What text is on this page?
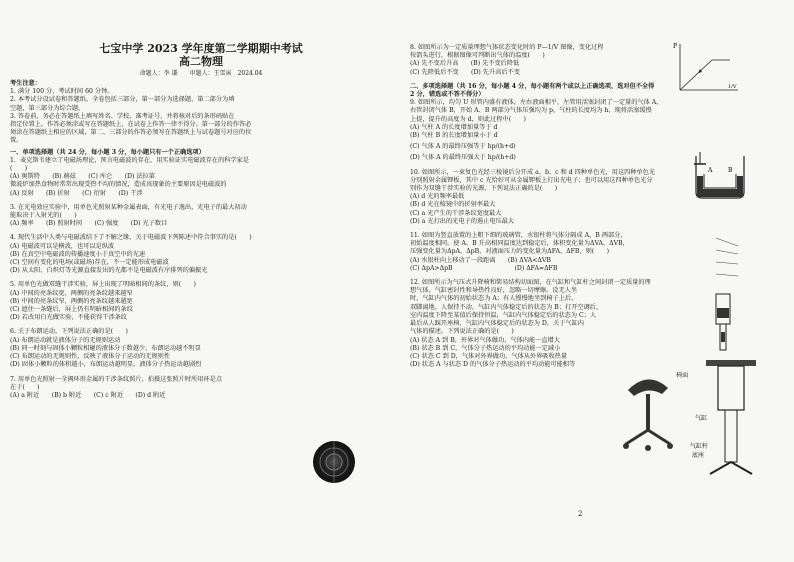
七宝中学 2023 学年度第二学期期中考试
高二物理
命题人：李 谦　　审题人：王雪寅　 2024.04
考生注意：
1. 满分 100 分，考试时间 60 分钟。
2. 本考试分设试卷和答题纸。全卷包括三部分，第一部分为选择题，第二部分为填
空题，第三部分为综合题。
3. 答卷前，务必在答题纸上填写姓名、学校、准考证号，并将核对后的条形码贴在
指定位置上。作答必须涂或写在答题纸上，在试卷上作答一律不得分。第一部分的作答必
须涂在答题纸上相应的区域，第二、三部分的作答必须写在答题纸上与试卷题号对应的位
置。
一、单项选择题（共 24 分，每小题 3 分，每小题只有一个正确选项）
1．麦克斯韦建立了电磁场理论，预言电磁波的存在，用实验证实电磁波存在的科学家是
(　　)
(A) 奥斯特　　(B) 赫兹　　(C) 库仑　　(D) 法拉第
微波炉加热食物时常常出现受热不均的情况，造成该现象的主要原因是电磁波的
(A) 反射　　(B) 折射　　(C) 衍射　　(D) 干涉
3. 在光电效应实验中，用单色光照射某种金属表面，有光电子逸出，光电子的最大初动
能取决于入射光的(　　)
(A) 频率　　(B) 照射时间　　(C) 强度　　(D) 光子数目
4. 现代生活中人类与电磁波结下了不解之缘，关于电磁波下列陈述中符合事实的是(　　)
(A) 电磁波可以是横波，也可以是纵波
(B) 在真空中电磁波的传播速度小于真空中的光速
(C) 空间有变化的电场(或磁场)存在，不一定能形成电磁波
(D) 从太阳、白炽灯等光源直接发出的光都不是电磁波有序排列的偏振光
5. 用单色光做双缝干涉实验，屏上出现了明暗相间的条纹，则(　　)
(A) 中间的亮条纹宽，两侧的亮条纹越来越窄
(B) 中间的亮条纹窄，两侧的亮条纹越来越宽
(C) 遮住一条缝后，屏上仍有明暗相间的条纹
(D) 若改用白光做实验，不能获得干涉条纹
6. 关于布朗运动，下列说法正确的是(　　)
(A) 布朗运动就是液体分子的无规则运动
(B) 同一时刻与固体小颗粒相碰的液体分子数越少，布朗运动越不明显
(C) 布朗运动的无规则性，反映了液体分子运动的无规则性
(D) 固体小颗粒的体积越小，布朗运动越明显，液体分子热运动越剧烈
7. 用单色光照射一全阈环形金属的干涉条纹照片，拍摄这张照片时所用环是点
在于(　　)
(A) a 附近　　(B) b 附近　　(C) c 附近　　(D) d 附近
8. 如图所示为一定质量理想气体状态变化时的 P—1/V 图像，变化过程
按箭头进行，根据图像可判断出气体的温度(　　)
(A) 先不变后升高　　(B) 先不变后降低
(C) 先降低后不变　　(D) 先升高后不变
二、多项选择题（共 16 分，每小题 4 分，每小题有两个或以上正确选项，选对但不全得
2 分，错选或不答不得分）
9. 如图所示，均匀 U 形管内盛有液体，左右液面相平，左管用活塞封闭了一定量的气体 A，
右管封闭气体 B，开始 A、B 两部分气体压强均为 p，气柱的长度均为 h，现将活塞缓慢
上提，提升的高度为 d，则此过程中(　　)
(A) 气柱 A 的长度增加量等于 d
(B) 气柱 B 的长度增加量小于 d
(C) 气体 A 的最终压强等于 hp/(h+d)
(D) 气体 A 的最终压强大于 hp/(h+d)
10. 如图所示，一束复色光经三棱镜后分开成 a、b、c 和 d 四种单色光，用这四种单色光
分别照射金属钾板，其中 c 光恰好可从金属钾板上打出光电子；也可以用这四种单色光分
别作为双缝干涉实验的光源，下列说法正确的是(　　)
(A) d 光的频率最低
(B) d 光在棱镜中的折射率最大
(C) a 光产生的干涉条纹宽度最大
(D) a 光打出的光电子的遏止电压最大
11. 如图为竖直放置的上粗下细的玻璃管，水银柱将气体分隔成 A、B 两部分，
初始温度相同。使 A、B 升高相同温度达到稳定后，体积变化量为ΔVA、ΔVB，
压强变化量为ΔpA、ΔpB，对液面压力的变化量为ΔFA、ΔFB，则(　　)
(A) 水银柱向上移动了一段距离　　(B) ΔVA<ΔVB
(C) ΔpA>ΔpB　　　　　　　　　　(D) ΔFA=ΔFB
12. 如图所示为气压式升降椅和简易结构切面图，在气缸和气缸杆之间封闭一定质量的理
想气体，气缸密封性和导热性良好，忽略一切摩擦。设无人坐
时，气缸内气体的初始状态为 A；有人慢慢地坐到椅子上后，
双脚离地，人保持不动，气缸内气体稳定后的状态为 B；打开空调后，
室内温度下降至某值后保持恒温，气缸内气体稳定后的状态为 C；人
最后从人踩开座椅，气缸内气体稳定后的状态为 D，关于气缸内
气体的描述，下列说法正确的是(　　)
(A) 状态 A 到 B，外界对气体做功，气体内能一直增大
(B) 状态 B 到 C，气体分子热运动的平均动能一定减小
(C) 状态 C 到 D，气体对外界做功，气体从外界吸收热量
(D) 状态 A 与状态 D 的气体分子热运动的平均动能可能相等
P
1/V
A	B
气缸
气缸杆
底座
椅面
2
